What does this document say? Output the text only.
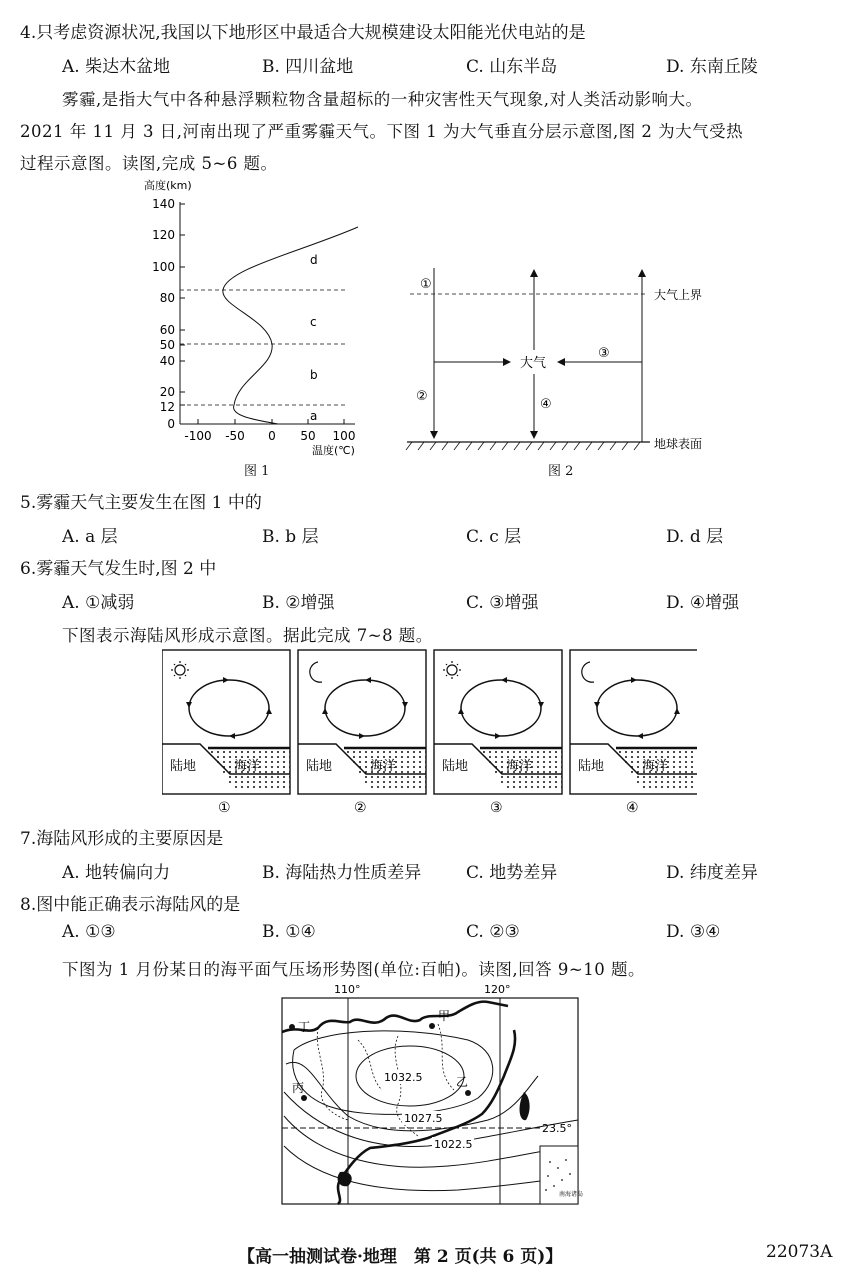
4.只考虑资源状况,我国以下地形区中最适合大规模建设太阳能光伏电站的是
A. 柴达木盆地	B. 四川盆地	C. 山东半岛	D. 东南丘陵
雾霾,是指大气中各种悬浮颗粒物含量超标的一种灾害性天气现象,对人类活动影响大。
2021 年 11 月 3 日,河南出现了严重雾霾天气。下图 1 为大气垂直分层示意图,图 2 为大气受热
过程示意图。读图,完成 5~6 题。
高度(km)
140
120
100
80
60
50
40
20
12
0
-100 -50 0 50 100
温度(℃)
a
b
c
d
图 1
大气上界
地球表面
①
②
大气
④
③
图 2
5.雾霾天气主要发生在图 1 中的
A. a 层	B. b 层	C. c 层	D. d 层
6.雾霾天气发生时,图 2 中
A. ①减弱	B. ②增强	C. ③增强	D. ④增强
下图表示海陆风形成示意图。据此完成 7~8 题。
陆地	海洋
①
陆地	海洋
②
陆地	海洋
③
陆地	海洋
④
7.海陆风形成的主要原因是
A. 地转偏向力	B. 海陆热力性质差异	C. 地势差异	D. 纬度差异
8.图中能正确表示海陆风的是
A. ①③	B. ①④	C. ②③	D. ③④
下图为 1 月份某日的海平面气压场形势图(单位:百帕)。读图,回答 9~10 题。
110°	120°
23.5°
丁
甲
乙
丙
1032.5
1027.5
1022.5
南海诸岛
【高一抽测试卷·地理　第 2 页(共 6 页)】	22073A
